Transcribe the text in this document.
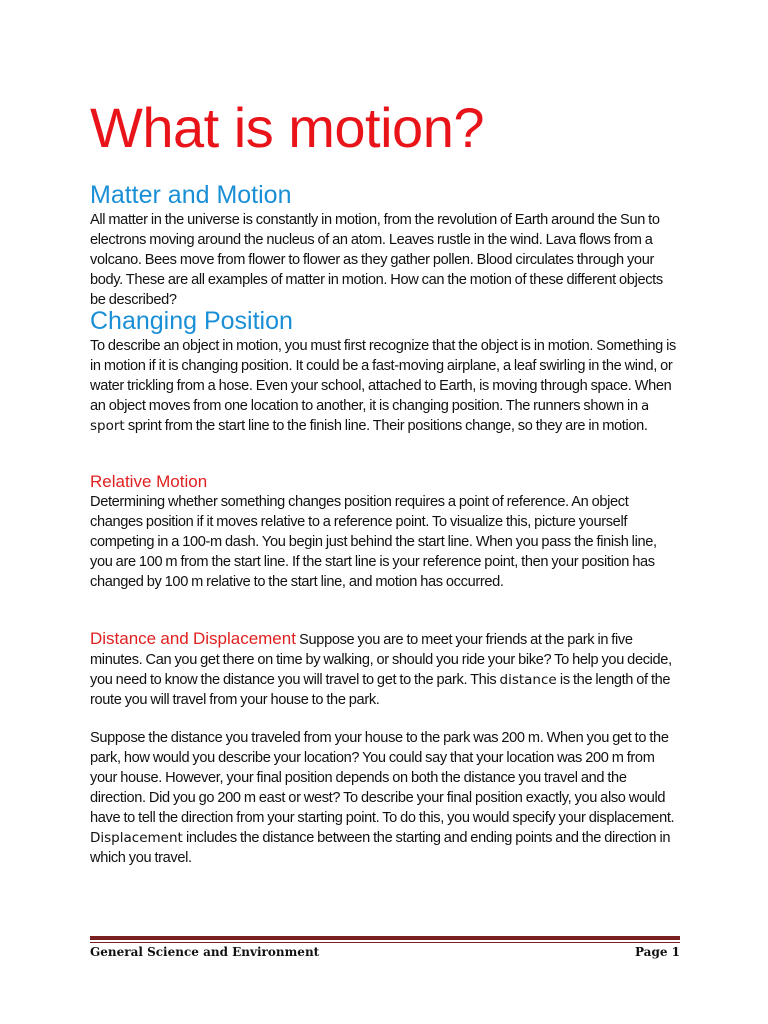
What is motion?
Matter and Motion

All matter in the universe is constantly in motion, from the revolution of Earth around the Sun to electrons moving around the nucleus of an atom. Leaves rustle in the wind. Lava flows from a volcano. Bees move from flower to flower as they gather pollen. Blood circulates through your body. These are all examples of matter in motion. How can the motion of these different objects be described?

Changing Position

To describe an object in motion, you must first recognize that the object is in motion. Something is in motion if it is changing position. It could be a fast-moving airplane, a leaf swirling in the wind, or water trickling from a hose. Even your school, attached to Earth, is moving through space. When an object moves from one location to another, it is changing position. The runners shown in a sport sprint from the start line to the finish line. Their positions change, so they are in motion.

Relative Motion

Determining whether something changes position requires a point of reference. An object changes position if it moves relative to a reference point. To visualize this, picture yourself competing in a 100-m dash. You begin just behind the start line. When you pass the finish line, you are 100 m from the start line. If the start line is your reference point, then your position has changed by 100 m relative to the start line, and motion has occurred.

Distance and Displacement Suppose you are to meet your friends at the park in five minutes. Can you get there on time by walking, or should you ride your bike? To help you decide, you need to know the distance you will travel to get to the park. This distance is the length of the route you will travel from your house to the park.

Suppose the distance you traveled from your house to the park was 200 m. When you get to the park, how would you describe your location? You could say that your location was 200 m from your house. However, your final position depends on both the distance you travel and the direction. Did you go 200 m east or west? To describe your final position exactly, you also would have to tell the direction from your starting point. To do this, you would specify your displacement. Displacement includes the distance between the starting and ending points and the direction in which you travel.

General Science and Environment	Page 1
